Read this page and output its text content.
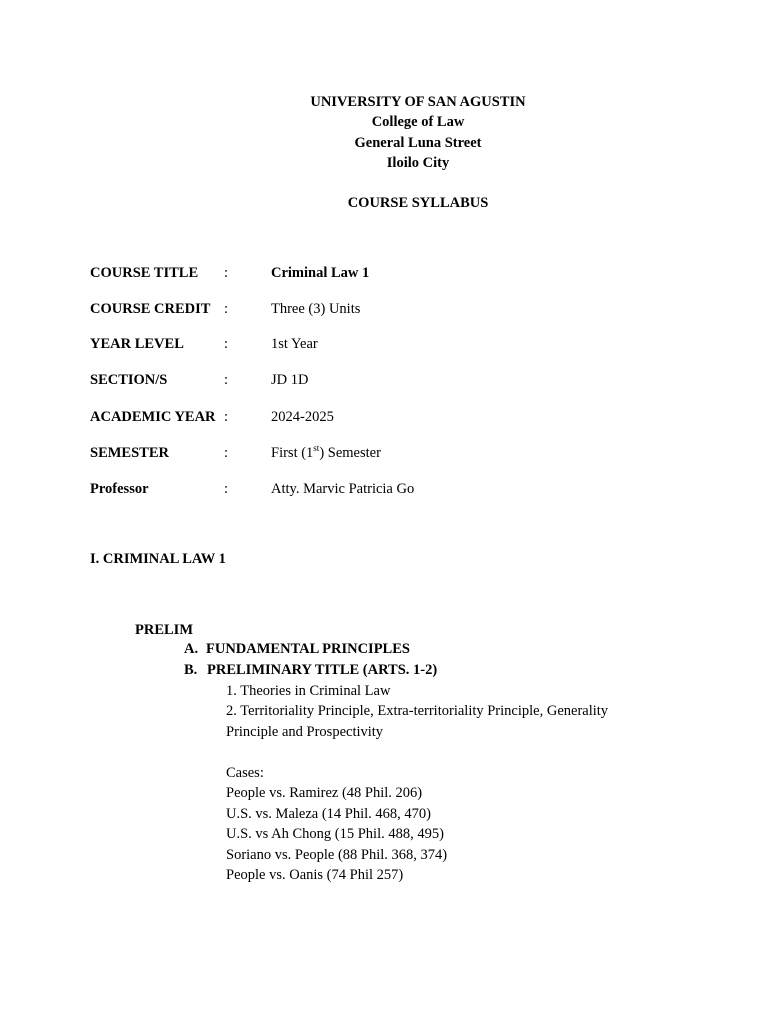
UNIVERSITY OF SAN AGUSTIN
College of Law
General Luna Street
Iloilo City
COURSE SYLLABUS
COURSE TITLE :	Criminal Law 1
COURSE CREDIT :	Three (3) Units
YEAR LEVEL	:	1st Year
SECTION/S	:	JD 1D
ACADEMIC YEAR :	2024-2025
SEMESTER	:	First (1st) Semester
Professor	:	Atty. Marvic Patricia Go
I. CRIMINAL LAW 1
PRELIM
A. FUNDAMENTAL PRINCIPLES
B. PRELIMINARY TITLE (ARTS. 1-2)
1. Theories in Criminal Law
2. Territoriality Principle, Extra-territoriality Principle, Generality
Principle and Prospectivity
Cases:
People vs. Ramirez (48 Phil. 206)
U.S. vs. Maleza (14 Phil. 468, 470)
U.S. vs Ah Chong (15 Phil. 488, 495)
Soriano vs. People (88 Phil. 368, 374)
People vs. Oanis (74 Phil 257)
